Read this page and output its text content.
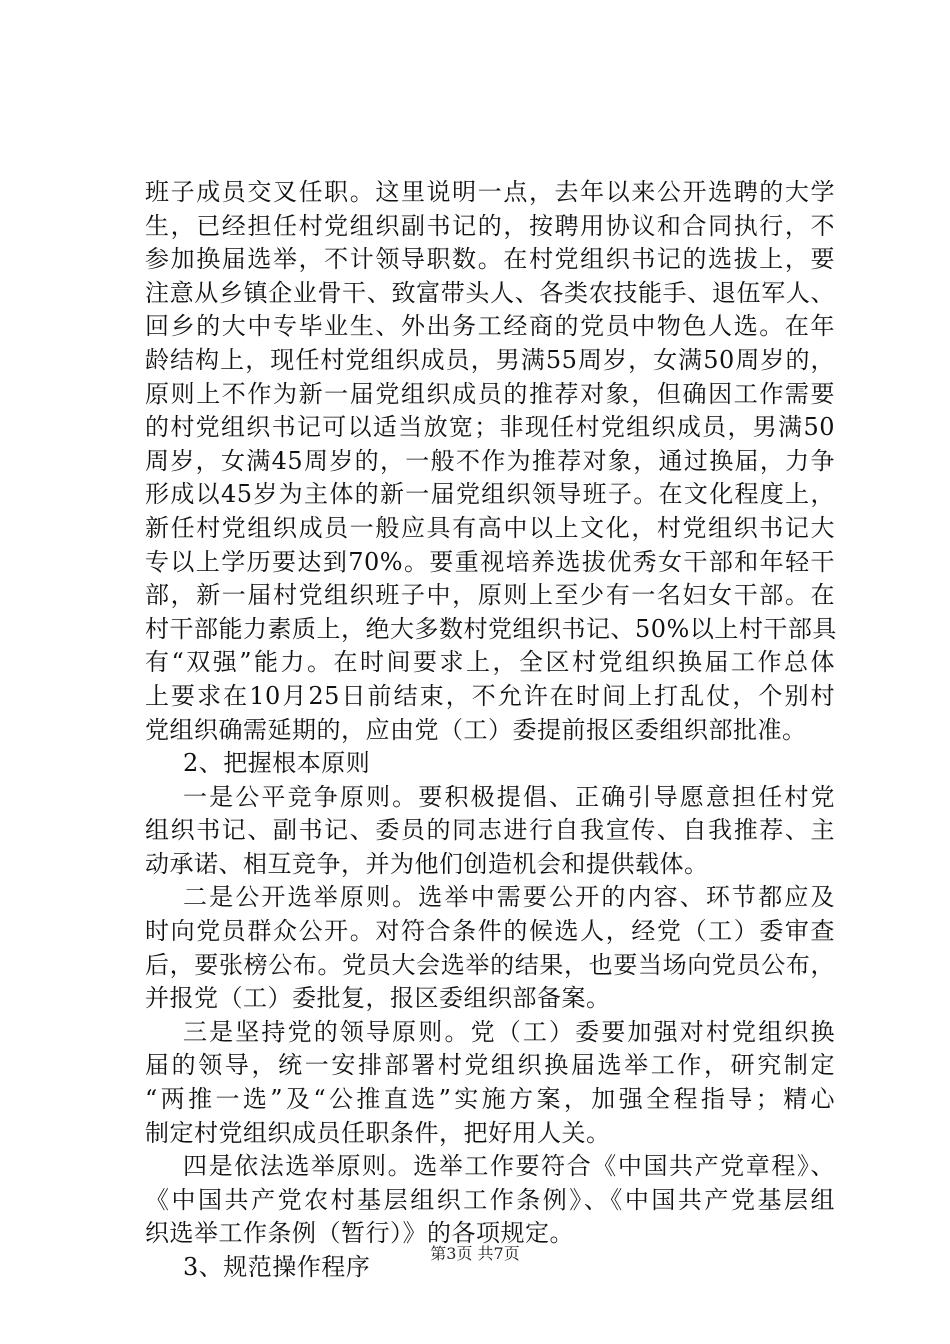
班子成员交叉任职。这里说明一点，去年以来公开选聘的大学
生，已经担任村党组织副书记的，按聘用协议和合同执行，不
参加换届选举，不计领导职数。在村党组织书记的选拔上，要
注意从乡镇企业骨干、致富带头人、各类农技能手、退伍军人、
回乡的大中专毕业生、外出务工经商的党员中物色人选。在年
龄结构上，现任村党组织成员，男满55周岁，女满50周岁的，
原则上不作为新一届党组织成员的推荐对象，但确因工作需要
的村党组织书记可以适当放宽；非现任村党组织成员，男满50
周岁，女满45周岁的，一般不作为推荐对象，通过换届，力争
形成以45岁为主体的新一届党组织领导班子。在文化程度上，
新任村党组织成员一般应具有高中以上文化，村党组织书记大
专以上学历要达到70%。要重视培养选拔优秀女干部和年轻干
部，新一届村党组织班子中，原则上至少有一名妇女干部。在
村干部能力素质上，绝大多数村党组织书记、50%以上村干部具
有“双强”能力。在时间要求上，全区村党组织换届工作总体
上要求在10月25日前结束，不允许在时间上打乱仗，个别村
党组织确需延期的，应由党（工）委提前报区委组织部批准。
2、把握根本原则
一是公平竞争原则。要积极提倡、正确引导愿意担任村党
组织书记、副书记、委员的同志进行自我宣传、自我推荐、主
动承诺、相互竞争，并为他们创造机会和提供载体。
二是公开选举原则。选举中需要公开的内容、环节都应及
时向党员群众公开。对符合条件的候选人，经党（工）委审查
后，要张榜公布。党员大会选举的结果，也要当场向党员公布，
并报党（工）委批复，报区委组织部备案。
三是坚持党的领导原则。党（工）委要加强对村党组织换
届的领导，统一安排部署村党组织换届选举工作，研究制定
“两推一选”及“公推直选”实施方案，加强全程指导；精心
制定村党组织成员任职条件，把好用人关。
四是依法选举原则。选举工作要符合《中国共产党章程》、
《中国共产党农村基层组织工作条例》、《中国共产党基层组
织选举工作条例（暂行）》的各项规定。
3、规范操作程序	第3页 共7页
